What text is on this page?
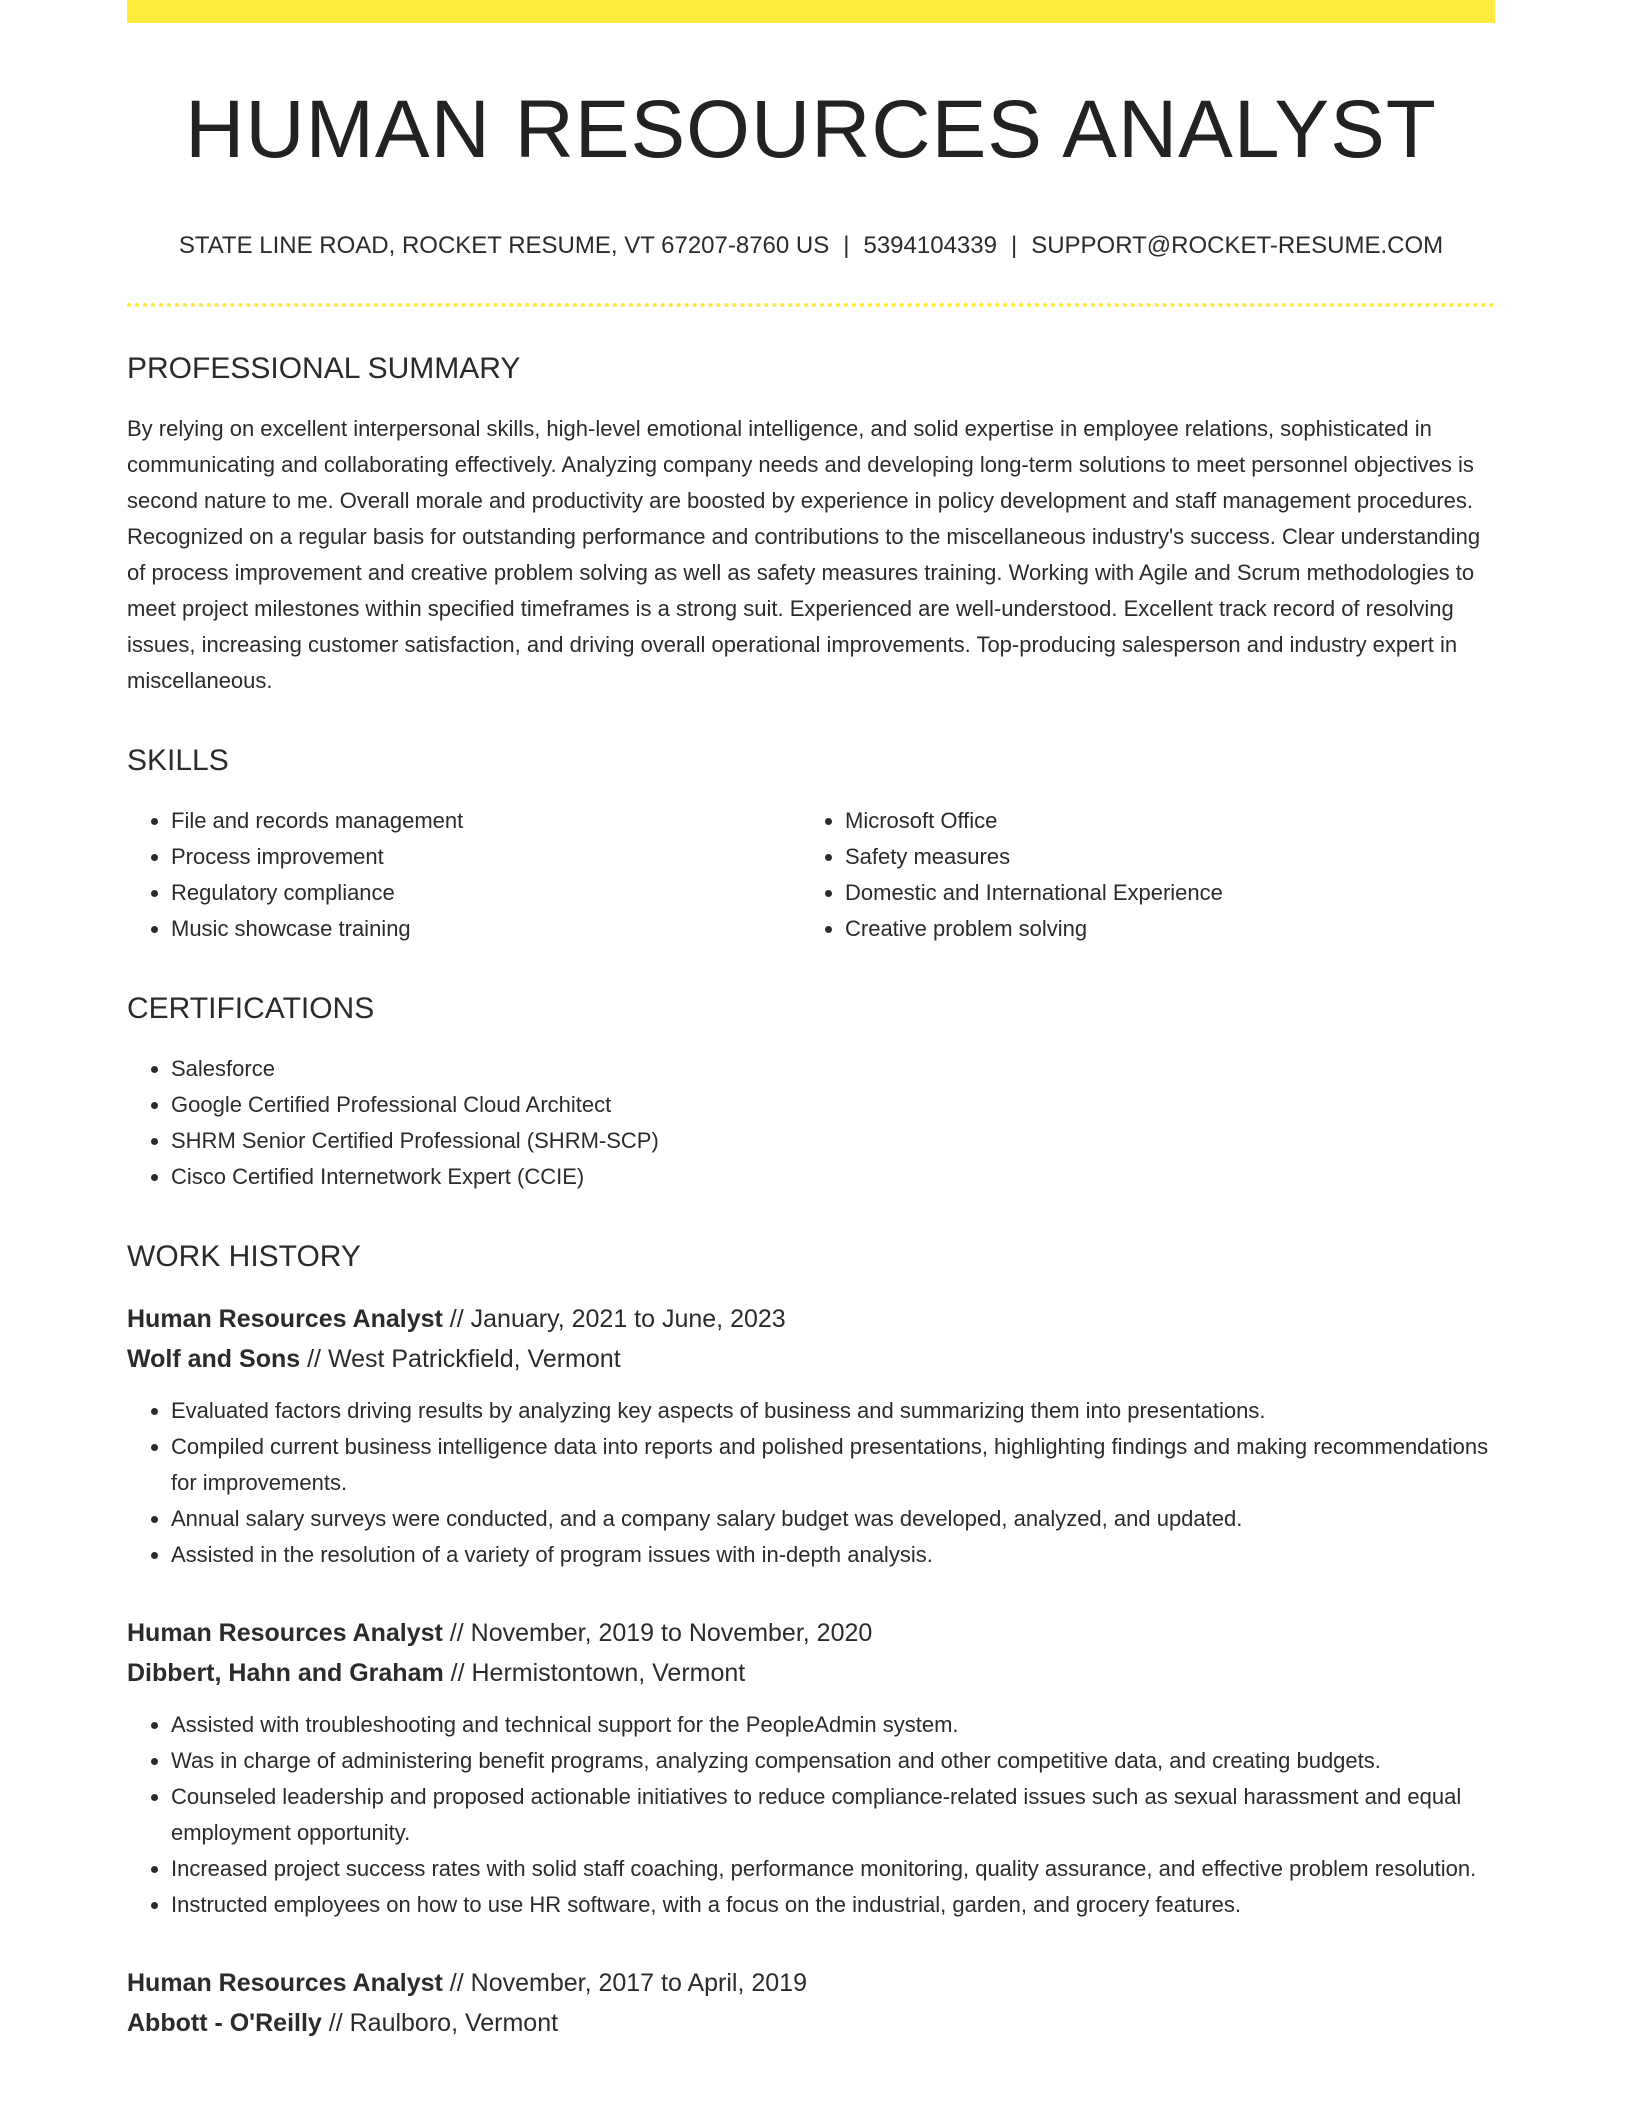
HUMAN RESOURCES ANALYST
STATE LINE ROAD, ROCKET RESUME, VT 67207-8760 US | 5394104339 | SUPPORT@ROCKET-RESUME.COM
PROFESSIONAL SUMMARY
By relying on excellent interpersonal skills, high-level emotional intelligence, and solid expertise in employee relations, sophisticated in communicating and collaborating effectively. Analyzing company needs and developing long-term solutions to meet personnel objectives is second nature to me. Overall morale and productivity are boosted by experience in policy development and staff management procedures. Recognized on a regular basis for outstanding performance and contributions to the miscellaneous industry's success. Clear understanding of process improvement and creative problem solving as well as safety measures training. Working with Agile and Scrum methodologies to meet project milestones within specified timeframes is a strong suit. Experienced are well-understood. Excellent track record of resolving issues, increasing customer satisfaction, and driving overall operational improvements. Top-producing salesperson and industry expert in miscellaneous.
SKILLS
• File and records management
• Process improvement
• Regulatory compliance
• Music showcase training
• Microsoft Office
• Safety measures
• Domestic and International Experience
• Creative problem solving
CERTIFICATIONS
• Salesforce
• Google Certified Professional Cloud Architect
• SHRM Senior Certified Professional (SHRM-SCP)
• Cisco Certified Internetwork Expert (CCIE)
WORK HISTORY
Human Resources Analyst // January, 2021 to June, 2023
Wolf and Sons // West Patrickfield, Vermont
• Evaluated factors driving results by analyzing key aspects of business and summarizing them into presentations.
• Compiled current business intelligence data into reports and polished presentations, highlighting findings and making recommendations for improvements.
• Annual salary surveys were conducted, and a company salary budget was developed, analyzed, and updated.
• Assisted in the resolution of a variety of program issues with in-depth analysis.
Human Resources Analyst // November, 2019 to November, 2020
Dibbert, Hahn and Graham // Hermistontown, Vermont
• Assisted with troubleshooting and technical support for the PeopleAdmin system.
• Was in charge of administering benefit programs, analyzing compensation and other competitive data, and creating budgets.
• Counseled leadership and proposed actionable initiatives to reduce compliance-related issues such as sexual harassment and equal employment opportunity.
• Increased project success rates with solid staff coaching, performance monitoring, quality assurance, and effective problem resolution.
• Instructed employees on how to use HR software, with a focus on the industrial, garden, and grocery features.
Human Resources Analyst // November, 2017 to April, 2019
Abbott - O'Reilly // Raulboro, Vermont
